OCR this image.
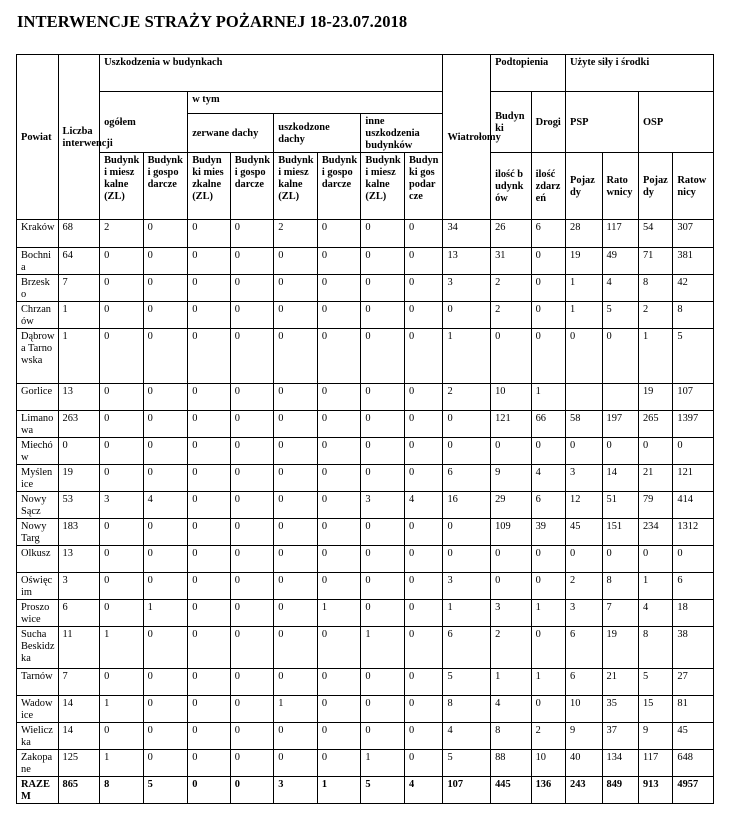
INTERWENCJE STRAŻY POŻARNEJ 18-23.07.2018
Powiat	Liczba interwencji	Uszkodzenia w budynkach								Wiatrołomy	Podtopienia		Użyte siły i środki			
		ogółem		w tym							Budynki	Drogi	PSP		OSP	
				zerwane dachy		uszkodzone dachy		inne uszkodzenia budynków								
		Budynki mieszkalne (ZL)	Budynki gospodarcze	Budynki mieszkalne (ZL)	Budynki gospodarcze	Budynki mieszkalne (ZL)	Budynki gospodarcze	Budynki mieszkalne (ZL)	Budynki gospodarcze		ilość budynków	ilość zdarzeń	Pojazdy	Ratownicy	Pojazdy	Ratownicy
Kraków	68	2	0	0	0	2	0	0	0	34	26	6	28	117	54	307
Bochnia	64	0	0	0	0	0	0	0	0	13	31	0	19	49	71	381
Brzesko	7	0	0	0	0	0	0	0	0	3	2	0	1	4	8	42
Chrzanów	1	0	0	0	0	0	0	0	0	0	2	0	1	5	2	8
Dąbrowa Tarnowska	1	0	0	0	0	0	0	0	0	1	0	0	0	0	1	5
Gorlice	13	0	0	0	0	0	0	0	0	2	10	1			19	107
Limanowa	263	0	0	0	0	0	0	0	0	0	121	66	58	197	265	1397
Miechów	0	0	0	0	0	0	0	0	0	0	0	0	0	0	0	0
Myślenice	19	0	0	0	0	0	0	0	0	6	9	4	3	14	21	121
Nowy Sącz	53	3	4	0	0	0	0	3	4	16	29	6	12	51	79	414
Nowy Targ	183	0	0	0	0	0	0	0	0	0	109	39	45	151	234	1312
Olkusz	13	0	0	0	0	0	0	0	0	0	0	0	0	0	0	0
Oświęcim	3	0	0	0	0	0	0	0	0	3	0	0	2	8	1	6
Proszowice	6	0	1	0	0	0	1	0	0	1	3	1	3	7	4	18
Sucha Beskidzka	11	1	0	0	0	0	0	1	0	6	2	0	6	19	8	38
Tarnów	7	0	0	0	0	0	0	0	0	5	1	1	6	21	5	27
Wadowice	14	1	0	0	0	1	0	0	0	8	4	0	10	35	15	81
Wieliczka	14	0	0	0	0	0	0	0	0	4	8	2	9	37	9	45
Zakopane	125	1	0	0	0	0	0	1	0	5	88	10	40	134	117	648
RAZEM	865	8	5	0	0	3	1	5	4	107	445	136	243	849	913	4957
